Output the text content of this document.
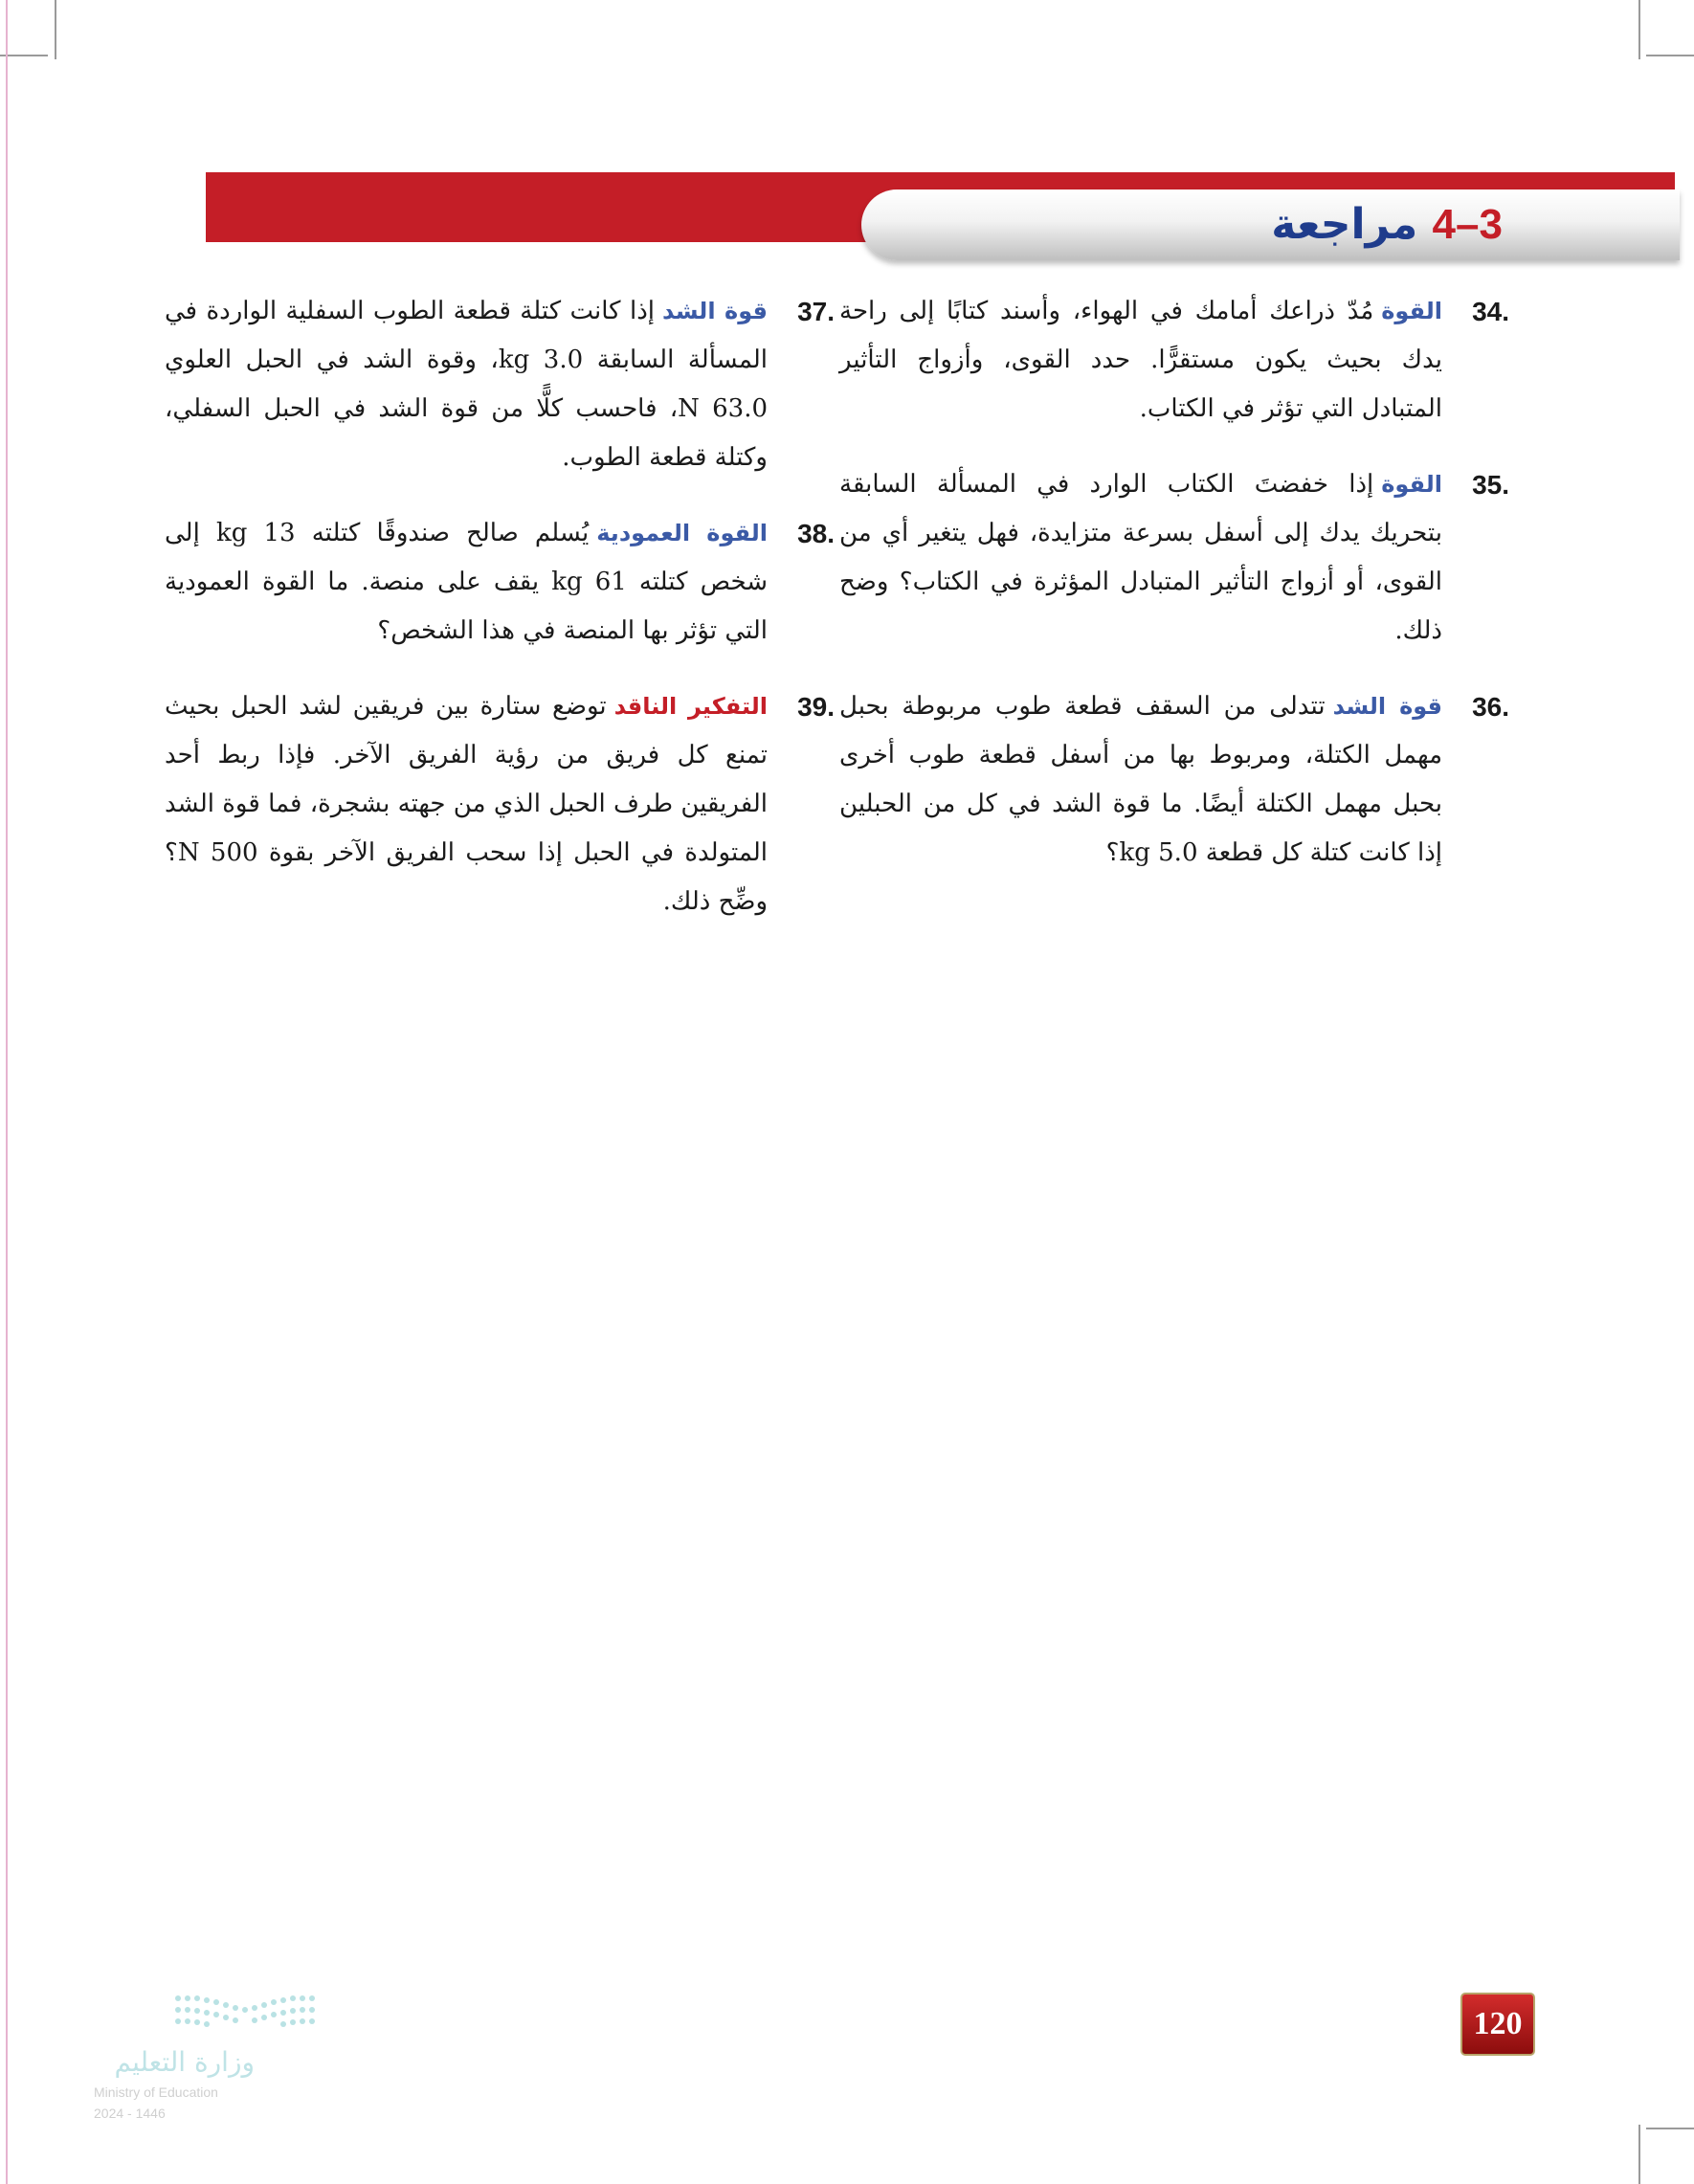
3–4 مراجعة
34.
القوةمُدّ ذراعك أمامك في الهواء، وأسند كتابًا إلى راحة يدك بحيث يكون مستقرًّا. حدد القوى، وأزواج التأثير المتبادل التي تؤثر في الكتاب.
35.
القوةإذا خفضتَ الكتاب الوارد في المسألة السابقة بتحريك يدك إلى أسفل بسرعة متزايدة، فهل يتغير أي من القوى، أو أزواج التأثير المتبادل المؤثرة في الكتاب؟ وضح ذلك.
36.
قوة الشدتتدلى من السقف قطعة طوب مربوطة بحبل مهمل الكتلة، ومربوط بها من أسفل قطعة طوب أخرى بحبل مهمل الكتلة أيضًا. ما قوة الشد في كل من الحبلين إذا كانت كتلة كل قطعة 5.0 kg؟
37.
قوة الشدإذا كانت كتلة قطعة الطوب السفلية الواردة في المسألة السابقة 3.0 kg، وقوة الشد في الحبل العلوي 63.0 N، فاحسب كلًّا من قوة الشد في الحبل السفلي، وكتلة قطعة الطوب.
38.
القوة العموديةيُسلم صالح صندوقًا كتلته 13 kg إلى شخص كتلته 61 kg يقف على منصة. ما القوة العمودية التي تؤثر بها المنصة في هذا الشخص؟
39.
التفكير الناقدتوضع ستارة بين فريقين لشد الحبل بحيث تمنع كل فريق من رؤية الفريق الآخر. فإذا ربط أحد الفريقين طرف الحبل الذي من جهته بشجرة، فما قوة الشد المتولدة في الحبل إذا سحب الفريق الآخر بقوة 500 N؟ وضِّح ذلك.
120
وزارة التعليم
Ministry of Education
2024 - 1446
